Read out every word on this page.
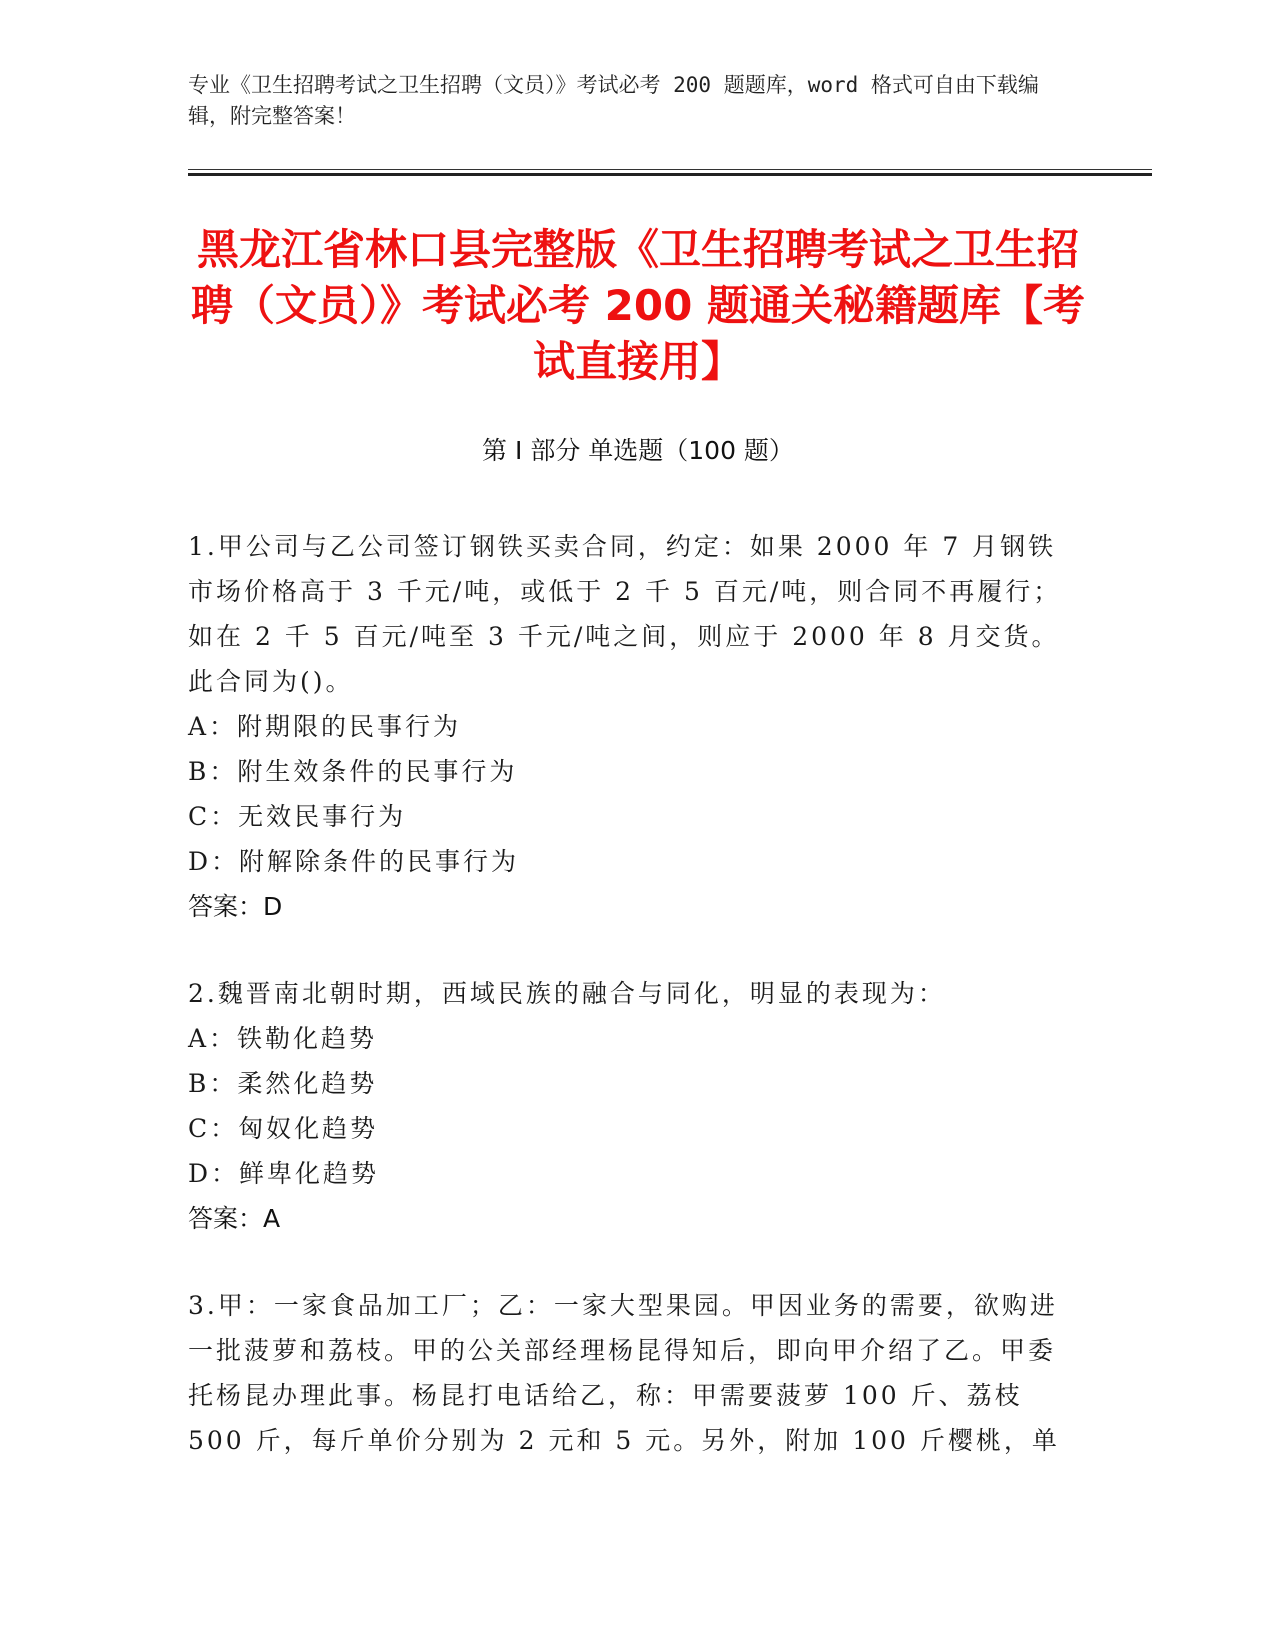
专业《卫生招聘考试之卫生招聘（文员）》考试必考 200 题题库，word 格式可自由下载编辑，附完整答案！
黑龙江省林口县完整版《卫生招聘考试之卫生招聘（文员）》考试必考 200 题通关秘籍题库【考试直接用】
第 I 部分 单选题（100 题）
1.甲公司与乙公司签订钢铁买卖合同，约定：如果 2000 年 7 月钢铁市场价格高于 3 千元/吨，或低于 2 千 5 百元/吨，则合同不再履行；如在 2 千 5 百元/吨至 3 千元/吨之间，则应于 2000 年 8 月交货。此合同为()。
A：附期限的民事行为
B：附生效条件的民事行为
C：无效民事行为
D：附解除条件的民事行为
答案：D
2.魏晋南北朝时期，西域民族的融合与同化，明显的表现为：
A：铁勒化趋势
B：柔然化趋势
C：匈奴化趋势
D：鲜卑化趋势
答案：A
3.甲：一家食品加工厂；乙：一家大型果园。甲因业务的需要，欲购进一批菠萝和荔枝。甲的公关部经理杨昆得知后，即向甲介绍了乙。甲委托杨昆办理此事。杨昆打电话给乙，称：甲需要菠萝 100 斤、荔枝 500 斤，每斤单价分别为 2 元和 5 元。另外，附加 100 斤樱桃，单
